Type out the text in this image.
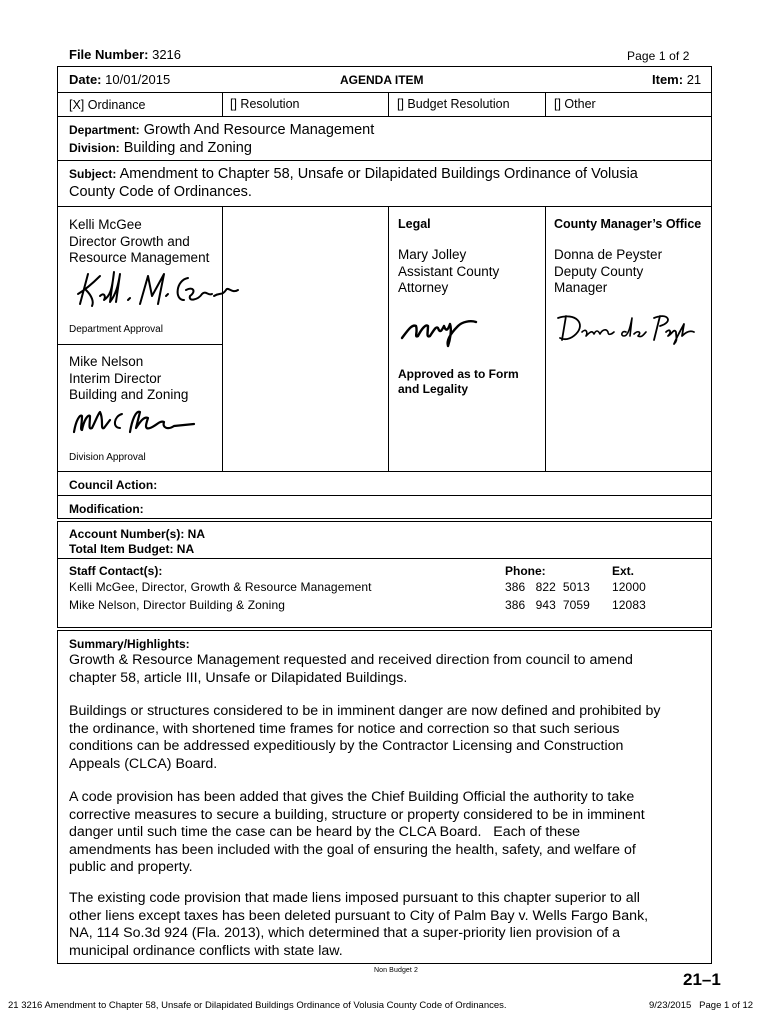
File Number: 3216	Page 1 of 2
Date: 10/01/2015	AGENDA ITEM	Item: 21
[X] Ordinance	[] Resolution	[] Budget Resolution	[] Other
Department: Growth And Resource Management
Division: Building and Zoning
Subject: Amendment to Chapter 58, Unsafe or Dilapidated Buildings Ordinance of Volusia
County Code of Ordinances.
Kelli McGee
Director Growth and
Resource Management
Department Approval
Mike Nelson
Interim Director
Building and Zoning
Division Approval
Legal
Mary Jolley
Assistant County
Attorney
Approved as to Form
and Legality
County Manager’s Office
Donna de Peyster
Deputy County
Manager
Council Action:
Modification:
Account Number(s): NA
Total Item Budget: NA
Staff Contact(s):	Phone:	Ext.
Kelli McGee, Director, Growth & Resource Management	386   822  5013 12000
Mike Nelson, Director Building & Zoning	386   943  7059 12083
Summary/Highlights:
Growth & Resource Management requested and received direction from council to amend
chapter 58, article III, Unsafe or Dilapidated Buildings.
Buildings or structures considered to be in imminent danger are now defined and prohibited by
the ordinance, with shortened time frames for notice and correction so that such serious
conditions can be addressed expeditiously by the Contractor Licensing and Construction
Appeals (CLCA) Board.
A code provision has been added that gives the Chief Building Official the authority to take
corrective measures to secure a building, structure or property considered to be in imminent
danger until such time the case can be heard by the CLCA Board.   Each of these
amendments has been included with the goal of ensuring the health, safety, and welfare of
public and property.
The existing code provision that made liens imposed pursuant to this chapter superior to all
other liens except taxes has been deleted pursuant to City of Palm Bay v. Wells Fargo Bank,
NA, 114 So.3d 924 (Fla. 2013), which determined that a super-priority lien provision of a
municipal ordinance conflicts with state law.
Non Budget 2	21–1
21 3216 Amendment to Chapter 58, Unsafe or Dilapidated Buildings Ordinance of Volusia County Code of Ordinances.	9/23/2015   Page 1 of 12
